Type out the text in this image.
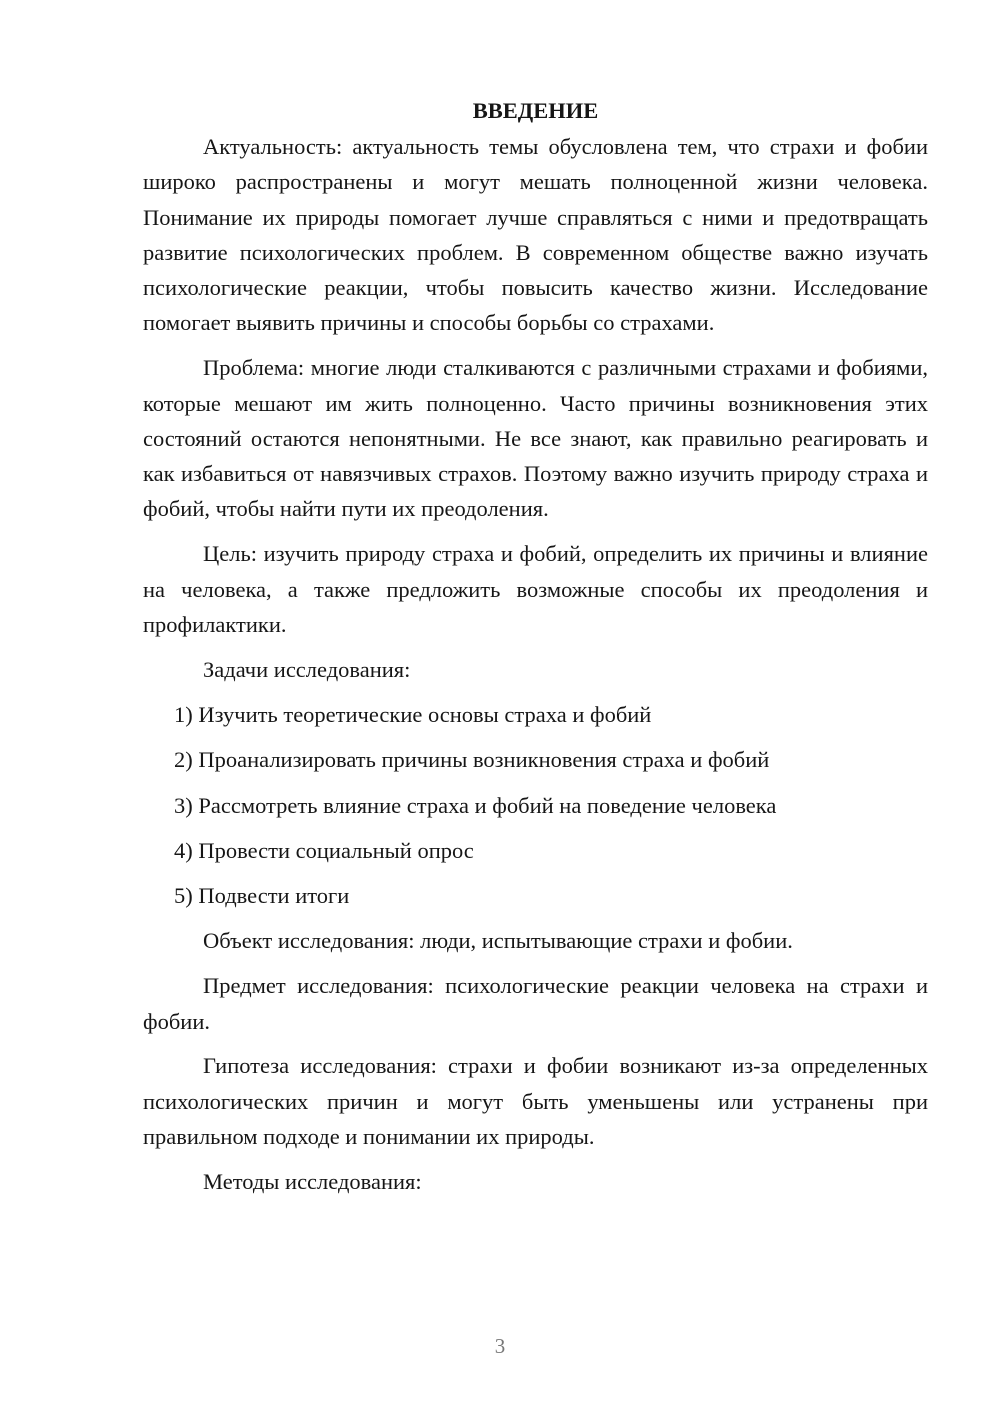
ВВЕДЕНИЕ

Актуальность: актуальность темы обусловлена тем, что страхи и фобии широко распространены и могут мешать полноценной жизни человека. Понимание их природы помогает лучше справляться с ними и предотвращать развитие психологических проблем. В современном обществе важно изучать психологические реакции, чтобы повысить качество жизни. Исследование помогает выявить причины и способы борьбы со страхами.

Проблема: многие люди сталкиваются с различными страхами и фобиями, которые мешают им жить полноценно. Часто причины возникновения этих состояний остаются непонятными. Не все знают, как правильно реагировать и как избавиться от навязчивых страхов. Поэтому важно изучить природу страха и фобий, чтобы найти пути их преодоления.

Цель: изучить природу страха и фобий, определить их причины и влияние на человека, а также предложить возможные способы их преодоления и профилактики.

Задачи исследования:

1) Изучить теоретические основы страха и фобий

2) Проанализировать причины возникновения страха и фобий

3) Рассмотреть влияние страха и фобий на поведение человека

4) Провести социальный опрос

5) Подвести итоги

Объект исследования: люди, испытывающие страхи и фобии.

Предмет исследования: психологические реакции человека на страхи и фобии.

Гипотеза исследования: страхи и фобии возникают из-за определенных психологических причин и могут быть уменьшены или устранены при правильном подходе и понимании их природы.

Методы исследования:

3
